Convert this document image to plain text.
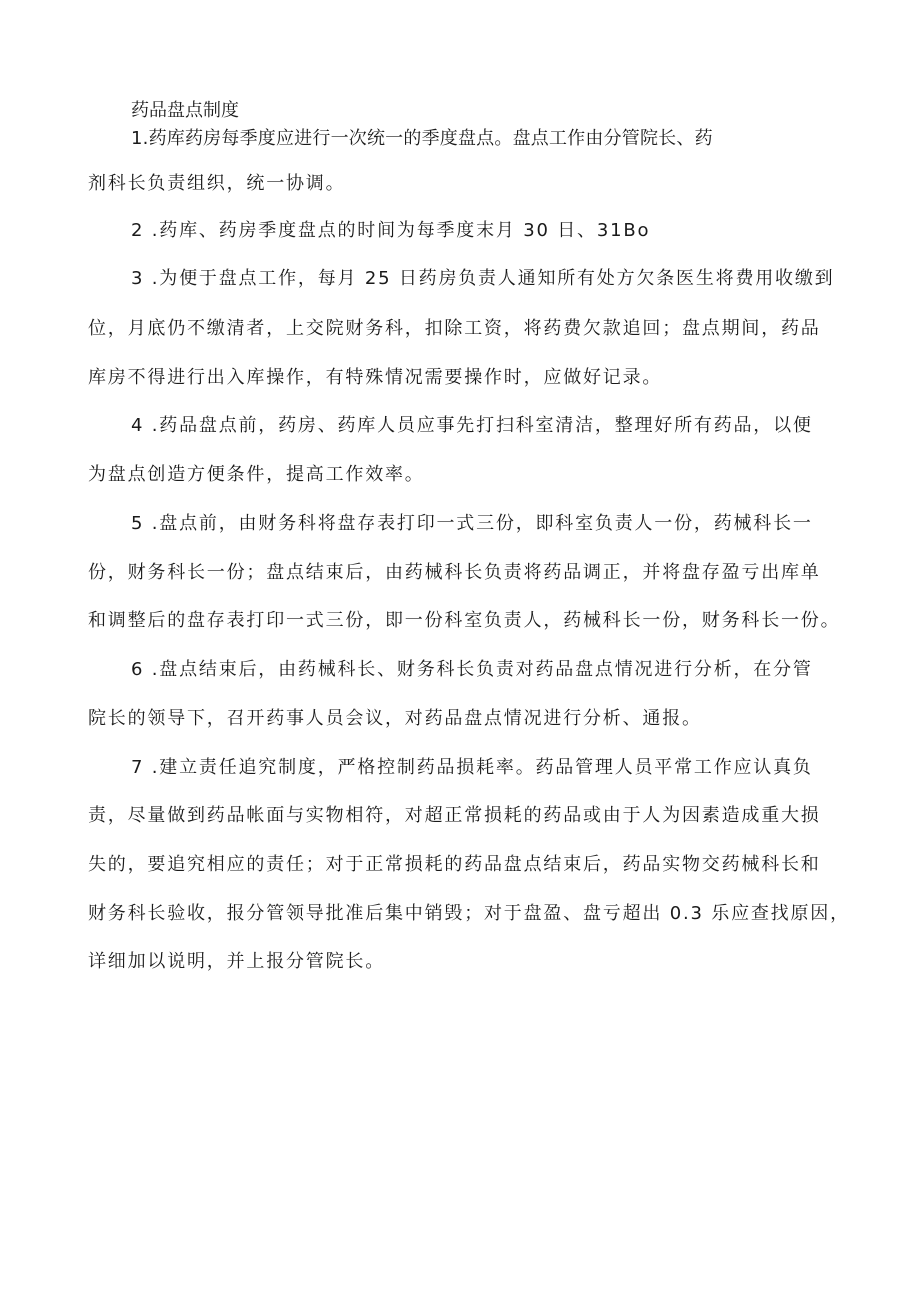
药品盘点制度
1.药库药房每季度应进行一次统一的季度盘点。盘点工作由分管院长、药
剂科长负责组织，统一协调。
2 .药库、药房季度盘点的时间为每季度末月 30 日、31Bo
3 .为便于盘点工作，每月 25 日药房负责人通知所有处方欠条医生将费用收缴到
位，月底仍不缴清者，上交院财务科，扣除工资，将药费欠款追回；盘点期间，药品
库房不得进行出入库操作，有特殊情况需要操作时，应做好记录。
4 .药品盘点前，药房、药库人员应事先打扫科室清洁，整理好所有药品，以便
为盘点创造方便条件，提高工作效率。
5 .盘点前，由财务科将盘存表打印一式三份，即科室负责人一份，药械科长一
份，财务科长一份；盘点结束后，由药械科长负责将药品调正，并将盘存盈亏出库单
和调整后的盘存表打印一式三份，即一份科室负责人，药械科长一份，财务科长一份。
6 .盘点结束后，由药械科长、财务科长负责对药品盘点情况进行分析，在分管
院长的领导下，召开药事人员会议，对药品盘点情况进行分析、通报。
7 .建立责任追究制度，严格控制药品损耗率。药品管理人员平常工作应认真负
责，尽量做到药品帐面与实物相符，对超正常损耗的药品或由于人为因素造成重大损
失的，要追究相应的责任；对于正常损耗的药品盘点结束后，药品实物交药械科长和
财务科长验收，报分管领导批准后集中销毁；对于盘盈、盘亏超出 0.3 乐应查找原因，
详细加以说明，并上报分管院长。
